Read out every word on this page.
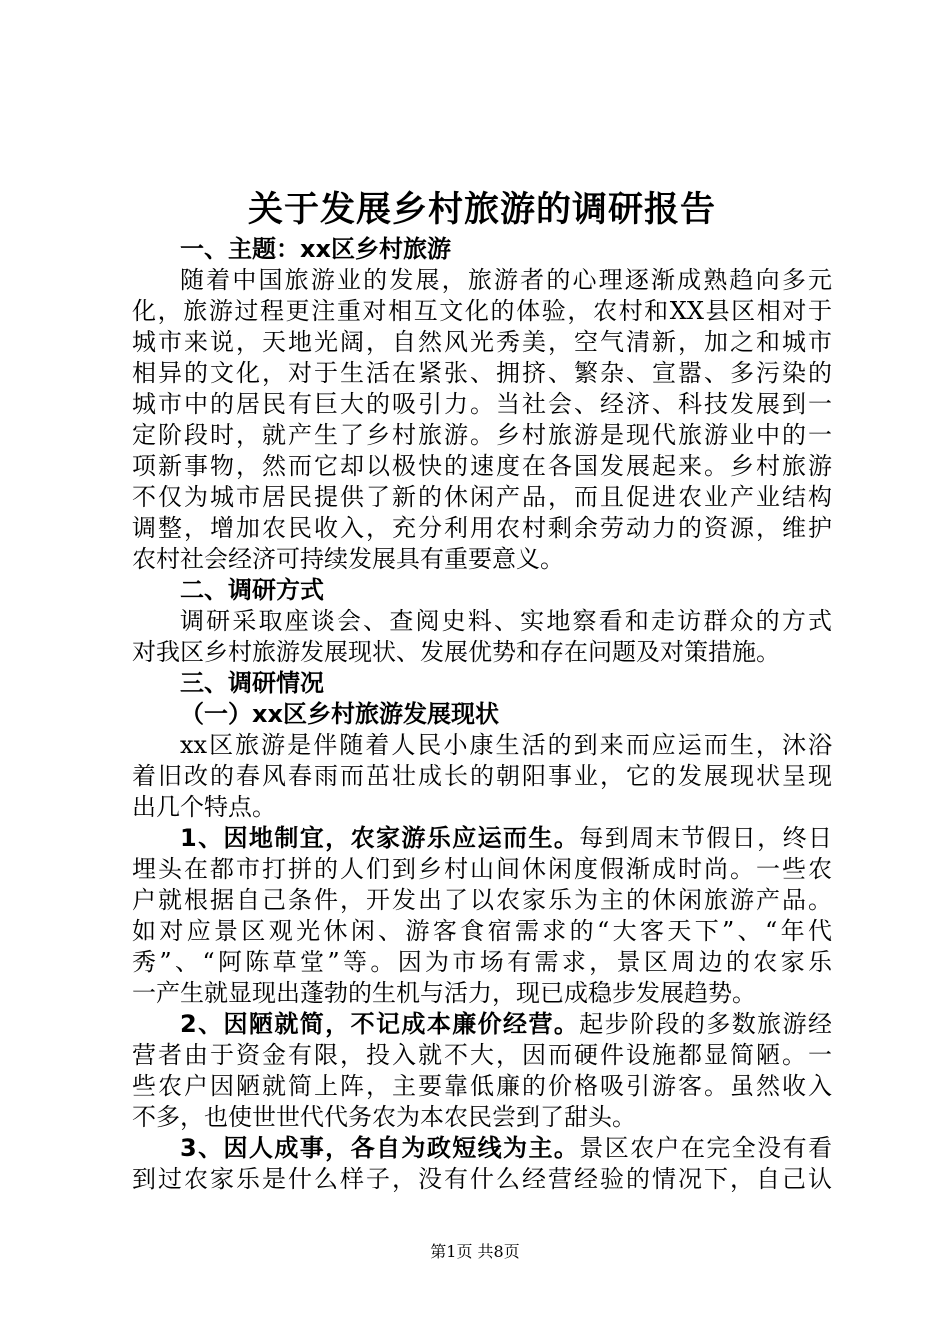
关于发展乡村旅游的调研报告
一、主题：xx区乡村旅游
随着中国旅游业的发展，旅游者的心理逐渐成熟趋向多元
化，旅游过程更注重对相互文化的体验，农村和XX县区相对于
城市来说，天地光阔，自然风光秀美，空气清新，加之和城市
相异的文化，对于生活在紧张、拥挤、繁杂、宣嚣、多污染的
城市中的居民有巨大的吸引力。当社会、经济、科技发展到一
定阶段时，就产生了乡村旅游。乡村旅游是现代旅游业中的一
项新事物，然而它却以极快的速度在各国发展起来。乡村旅游
不仅为城市居民提供了新的休闲产品，而且促进农业产业结构
调整，增加农民收入，充分利用农村剩余劳动力的资源，维护
农村社会经济可持续发展具有重要意义。
二、调研方式
调研采取座谈会、查阅史料、实地察看和走访群众的方式
对我区乡村旅游发展现状、发展优势和存在问题及对策措施。
三、调研情况
（一）xx区乡村旅游发展现状
xx区旅游是伴随着人民小康生活的到来而应运而生，沐浴
着旧改的春风春雨而茁壮成长的朝阳事业，它的发展现状呈现
出几个特点。
1、因地制宜，农家游乐应运而生。每到周末节假日，终日
埋头在都市打拼的人们到乡村山间休闲度假渐成时尚。一些农
户就根据自己条件，开发出了以农家乐为主的休闲旅游产品。
如对应景区观光休闲、游客食宿需求的“大客天下”、“年代
秀”、“阿陈草堂”等。因为市场有需求，景区周边的农家乐
一产生就显现出蓬勃的生机与活力，现已成稳步发展趋势。
2、因陋就简，不记成本廉价经营。起步阶段的多数旅游经
营者由于资金有限，投入就不大，因而硬件设施都显简陋。一
些农户因陋就简上阵，主要靠低廉的价格吸引游客。虽然收入
不多，也使世世代代务农为本农民尝到了甜头。
3、因人成事，各自为政短线为主。景区农户在完全没有看
到过农家乐是什么样子，没有什么经营经验的情况下，自己认
第1页 共8页
